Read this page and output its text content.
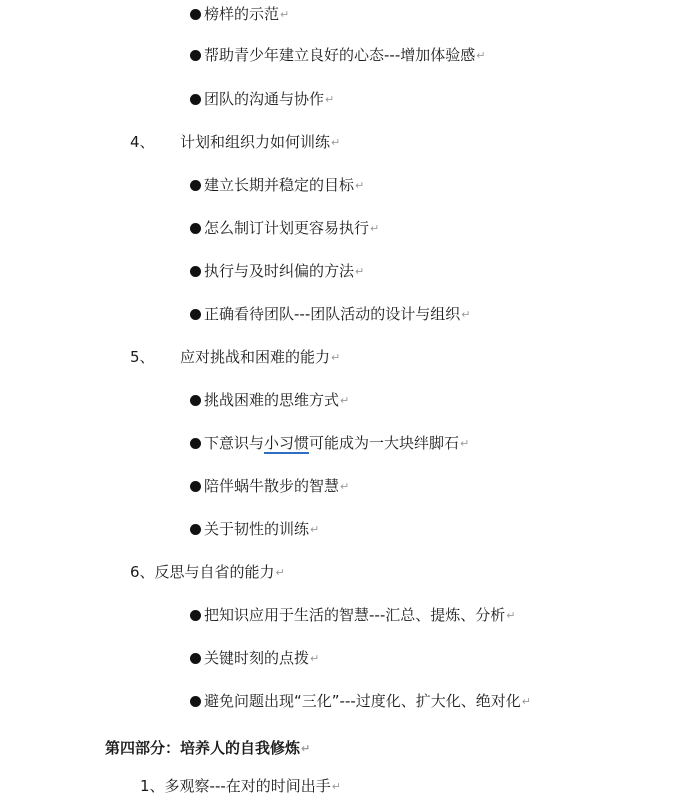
榜样的示范↵
帮助青少年建立良好的心态---增加体验感↵
团队的沟通与协作↵
4、 计划和组织力如何训练↵
建立长期并稳定的目标↵
怎么制订计划更容易执行↵
执行与及时纠偏的方法↵
正确看待团队---团队活动的设计与组织↵
5、 应对挑战和困难的能力↵
挑战困难的思维方式↵
下意识与小习惯可能成为一大块绊脚石↵
陪伴蜗牛散步的智慧↵
关于韧性的训练↵
6、反思与自省的能力↵
把知识应用于生活的智慧---汇总、提炼、分析↵
关键时刻的点拨↵
避免问题出现“三化”---过度化、扩大化、绝对化↵
第四部分：培养人的自我修炼↵
1、多观察---在对的时间出手↵
